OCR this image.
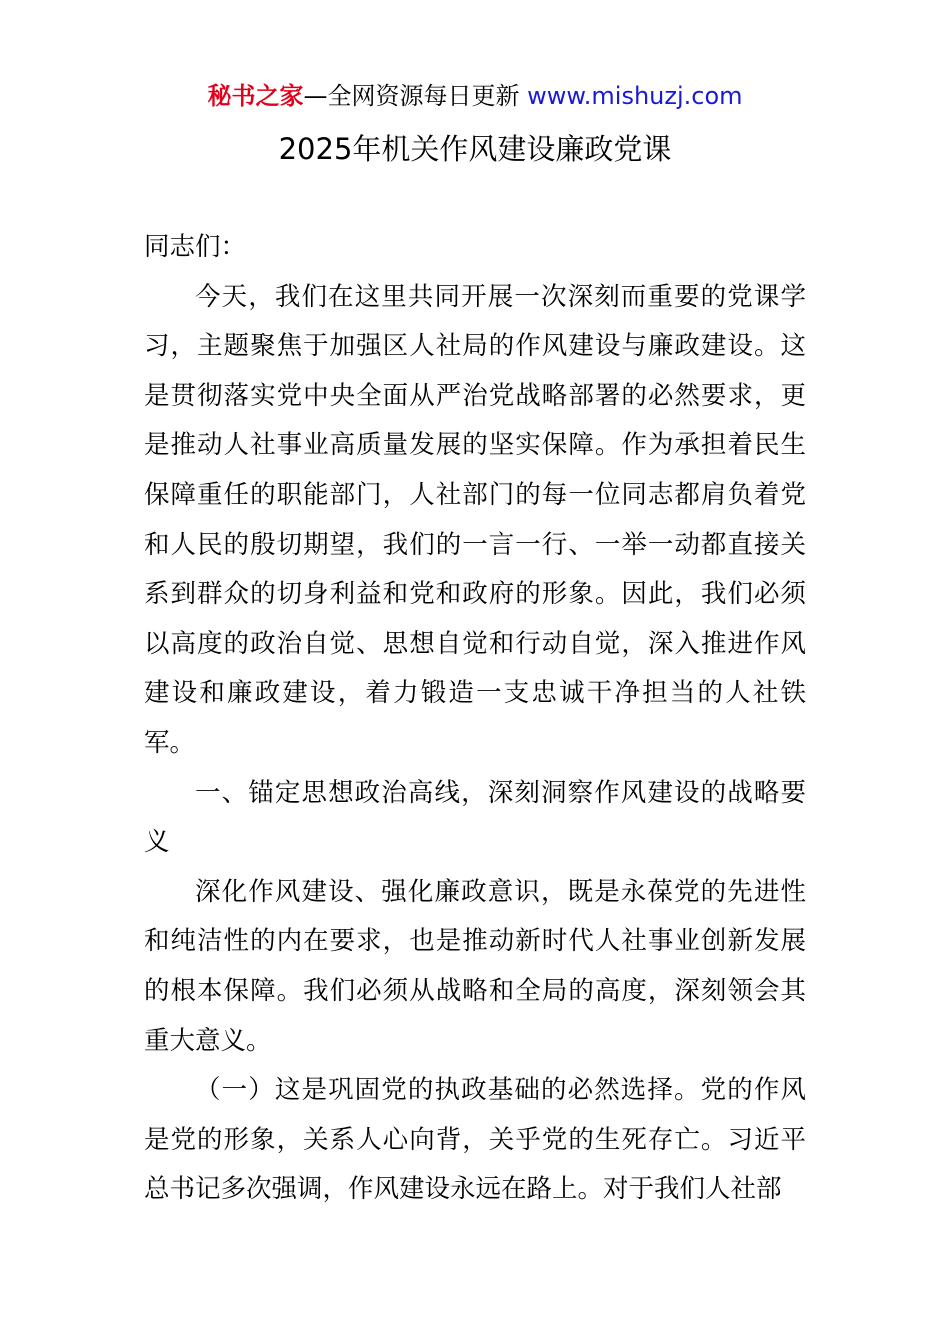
秘书之家—全网资源每日更新 www.mishuzj.com
2025年机关作风建设廉政党课

同志们：

今天，我们在这里共同开展一次深刻而重要的党课学习，主题聚焦于加强区人社局的作风建设与廉政建设。这是贯彻落实党中央全面从严治党战略部署的必然要求，更是推动人社事业高质量发展的坚实保障。作为承担着民生保障重任的职能部门，人社部门的每一位同志都肩负着党和人民的殷切期望，我们的一言一行、一举一动都直接关系到群众的切身利益和党和政府的形象。因此，我们必须以高度的政治自觉、思想自觉和行动自觉，深入推进作风建设和廉政建设，着力锻造一支忠诚干净担当的人社铁军。

一、锚定思想政治高线，深刻洞察作风建设的战略要义

深化作风建设、强化廉政意识，既是永葆党的先进性和纯洁性的内在要求，也是推动新时代人社事业创新发展的根本保障。我们必须从战略和全局的高度，深刻领会其重大意义。

（一）这是巩固党的执政基础的必然选择。党的作风是党的形象，关系人心向背，关乎党的生死存亡。习近平总书记多次强调，作风建设永远在路上。对于我们人社部
